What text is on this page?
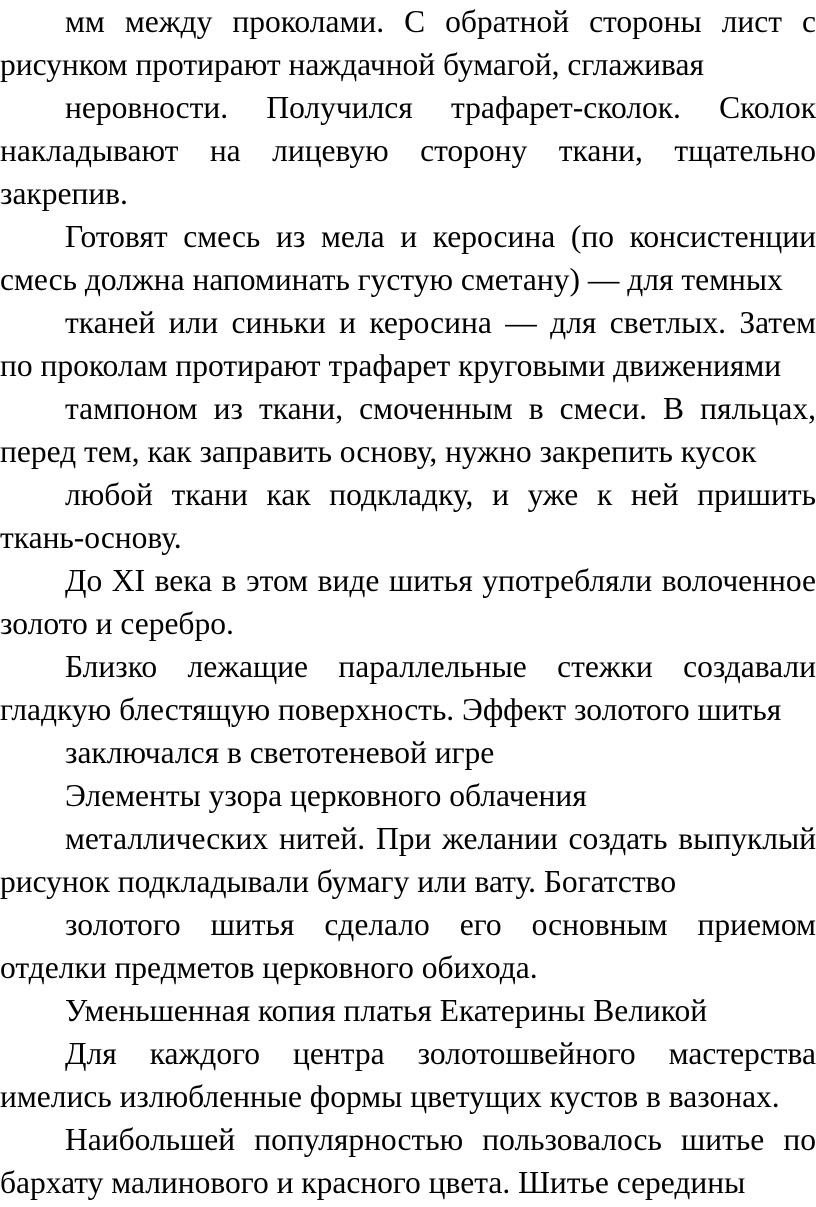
мм между проколами. С обратной стороны лист с
рисунком протирают наждачной бумагой, сглаживая
неровности. Получился трафарет-сколок. Сколок
накладывают на лицевую сторону ткани, тщательно
закрепив.
Готовят смесь из мела и керосина (по консистенции
смесь должна напоминать густую сметану) — для темных
тканей или синьки и керосина — для светлых. Затем
по проколам протирают трафарет круговыми движениями
тампоном из ткани, смоченным в смеси. В пяльцах,
перед тем, как заправить основу, нужно закрепить кусок
любой ткани как подкладку, и уже к ней пришить
ткань-основу.
До XI века в этом виде шитья употребляли волоченное
золото и серебро.
Близко лежащие параллельные стежки создавали
гладкую блестящую поверхность. Эффект золотого шитья
заключался в светотеневой игре
Элементы узора церковного облачения
металлических нитей. При желании создать выпуклый
рисунок подкладывали бумагу или вату. Богатство
золотого шитья сделало его основным приемом
отделки предметов церковного обихода.
Уменьшенная копия платья Екатерины Великой
Для каждого центра золотошвейного мастерства
имелись излюбленные формы цветущих кустов в вазонах.
Наибольшей популярностью пользовалось шитье по
бархату малинового и красного цвета. Шитье середины
